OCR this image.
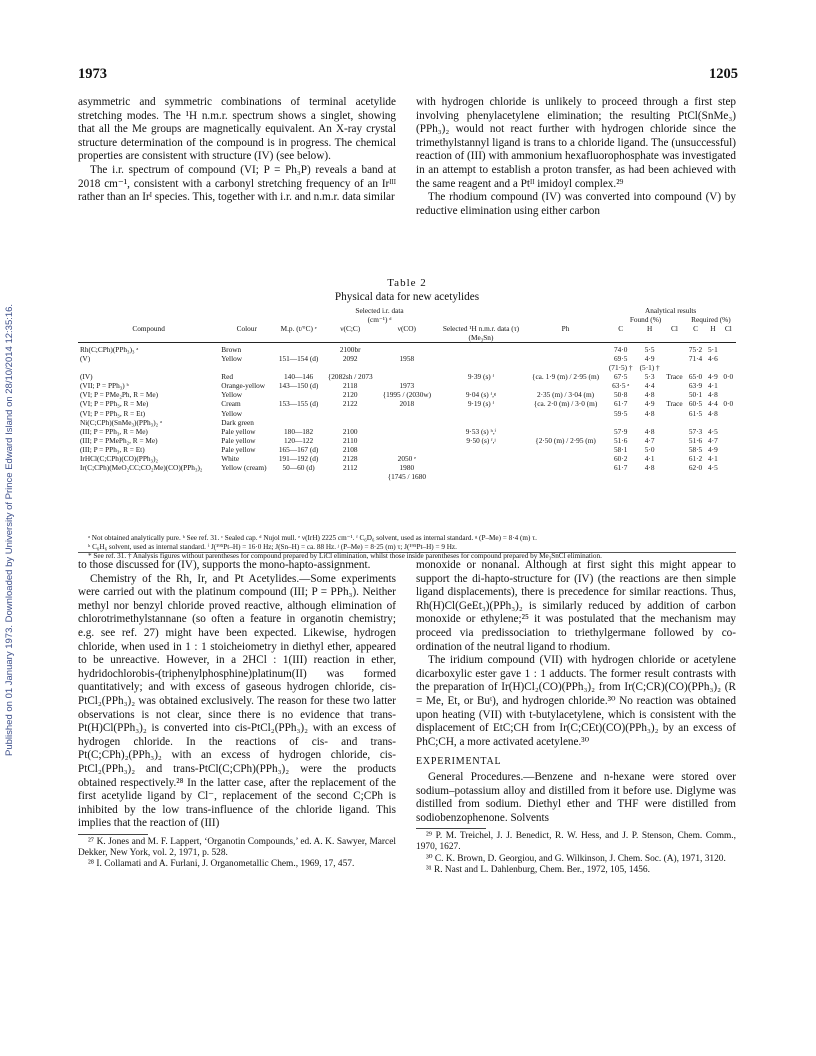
Published on 01 January 1973. Downloaded by University of Prince Edward Island on 28/10/2014 12:35:16.
1973	1205

asymmetric and symmetric combinations of terminal acetylide stretching modes. The ¹H n.m.r. spectrum shows a singlet, showing that all the Me groups are magnetically equivalent. An X-ray crystal structure determination of the compound is in progress. The chemical properties are consistent with structure (IV) (see below).

The i.r. spectrum of compound (VI; P = Ph₃P) reveals a band at 2018 cm⁻¹, consistent with a carbonyl stretching frequency of an Irᴵᴵᴵ rather than an Irᴵ species. This, together with i.r. and n.m.r. data similar

with hydrogen chloride is unlikely to proceed through a first step involving phenylacetylene elimination; the resulting PtCl(SnMe₃)(PPh₃)₂ would not react further with hydrogen chloride since the trimethylstannyl ligand is trans to a chloride ligand. The (unsuccessful) reaction of (III) with ammonium hexafluorophosphate was investigated in an attempt to establish a proton transfer, as had been achieved with the same reagent and a Ptᴵᴵ imidoyl complex.²⁹

The rhodium compound (IV) was converted into compound (V) by reductive elimination using either carbon

Table 2
Physical data for new acetylides
			Selected i.r. data				Analytical results					
			(cm⁻¹) ᵈ				Found (%)			Required (%)		
Compound	Colour	M.p. (t/°C) ᵉ	ν(C;C)	ν(CO)	Selected ¹H n.m.r. data (τ)	Ph	C	H	Cl	C	H	Cl
					(Me₃Sn)							

Rh(C;CPh)(PPh₃)₃ ᵃ	Brown		2100br				74·0	5·5		75·2	5·1	
(V)	Yellow	151—154 (d)	2092	1958			69·5	4·9		71·4	4·6	
							(71·5) †	(5·1) †				
(IV)	Red	140—146	{2082sh / 2073		9·39 (s) ᶠ	{ca. 1·9 (m) / 2·95 (m)	67·5	5·3	Trace	65·0	4·9	0·0
(VII; P = PPh₃) ᵇ	Orange-yellow	143—150 (d)	2118	1973			63·5 ᵃ	4·4		63·9	4·1	
(VI; P = PMe₂Ph, R = Me)	Yellow		2120	{1995 / (2030w)	9·04 (s) ᶠ,ᵍ	2·35 (m) / 3·04 (m)	50·8	4·8		50·1	4·8	
(VI; P = PPh₃, R = Me)	Cream	153—155 (d)	2122	2018	9·19 (s) ᶠ	{ca. 2·0 (m) / 3·0 (m)	61·7	4·9	Trace	60·5	4·4	0·0
(VI; P = PPh₃, R = Et)	Yellow						59·5	4·8		61·5	4·8	
Ni(C;CPh)(SnMe₃)(PPh₃)₂ ᵃ	Dark green											
(III; P = PPh₃, R = Me)	Pale yellow	180—182	2100		9·53 (s) ʰ,ⁱ		57·9	4·8		57·3	4·5	
(III; P = PMePh₂, R = Me)	Pale yellow	120—122	2110		9·50 (s) ᶠ,ʲ	{2·50 (m) / 2·95 (m)	51·6	4·7		51·6	4·7	
(III; P = PPh₃, R = Et)	Pale yellow	165—167 (d)	2108				58·1	5·0		58·5	4·9	
IrHCl(C;CPh)(CO)(PPh₃)₂	White	191—192 (d)	2128	2050 ᵉ			60·2	4·1		61·2	4·1	
Ir(C;CPh)(MeO₂CC;CO₂Me)(CO)(PPh₃)₂	Yellow (cream)	50—60 (d)	2112	1980			61·7	4·8		62·0	4·5	
				{1745 / 1680								
ᵃ Not obtained analytically pure. ᵇ See ref. 31. ᶜ Sealed cap. ᵈ Nujol mull. ᵉ ν(IrH) 2225 cm⁻¹. ᶠ C₆D₆ solvent, used as internal standard. ᵍ (P–Me) = 8·4 (m) τ.
ʰ C₆H₆ solvent, used as internal standard. ⁱ J(¹⁹⁵Pt–H) = 16·0 Hz; J(Sn–H) = ca. 88 Hz. ʲ (P–Me) = 8·25 (m) τ; J(¹⁹⁵Pt–H) = 9 Hz.
* See ref. 31. † Analysis figures without parentheses for compound prepared by LiCl elimination, whilst those inside parentheses for compound prepared by Me₃SnCl elimination.

to those discussed for (IV), supports the mono-hapto-assignment.

Chemistry of the Rh, Ir, and Pt Acetylides.—Some experiments were carried out with the platinum compound (III; P = PPh₃). Neither methyl nor benzyl chloride proved reactive, although elimination of chlorotrimethylstannane (so often a feature in organotin chemistry; e.g. see ref. 27) might have been expected. Likewise, hydrogen chloride, when used in 1 : 1 stoicheiometry in diethyl ether, appeared to be unreactive. However, in a 2HCl : 1(III) reaction in ether, hydridochlorobis-(triphenylphosphine)platinum(II) was formed quantitatively; and with excess of gaseous hydrogen chloride, cis-PtCl₂(PPh₃)₂ was obtained exclusively. The reason for these two latter observations is not clear, since there is no evidence that trans-Pt(H)Cl(PPh₃)₂ is converted into cis-PtCl₂(PPh₃)₂ with an excess of hydrogen chloride. In the reactions of cis- and trans-Pt(C;CPh)₂(PPh₃)₂ with an excess of hydrogen chloride, cis-PtCl₂(PPh₃)₂ and trans-PtCl(C;CPh)(PPh₃)₂ were the products obtained respectively.²⁸ In the latter case, after the replacement of the first acetylide ligand by Cl⁻, replacement of the second C;CPh is inhibited by the low trans-influence of the chloride ligand. This implies that the reaction of (III)

²⁷ K. Jones and M. F. Lappert, ‘Organotin Compounds,’ ed. A. K. Sawyer, Marcel Dekker, New York, vol. 2, 1971, p. 528.

²⁸ I. Collamati and A. Furlani, J. Organometallic Chem., 1969, 17, 457.

monoxide or nonanal. Although at first sight this might appear to support the di-hapto-structure for (IV) (the reactions are then simple ligand displacements), there is precedence for similar reactions. Thus, Rh(H)Cl(GeEt₃)(PPh₃)₂ is similarly reduced by addition of carbon monoxide or ethylene;²⁵ it was postulated that the mechanism may proceed via predissociation to triethylgermane followed by co-ordination of the neutral ligand to rhodium.

The iridium compound (VII) with hydrogen chloride or acetylene dicarboxylic ester gave 1 : 1 adducts. The former result contrasts with the preparation of Ir(H)Cl₂(CO)(PPh₃)₂ from Ir(C;CR)(CO)(PPh₃)₂ (R = Me, Et, or Buᵗ), and hydrogen chloride.³⁰ No reaction was obtained upon heating (VII) with t-butylacetylene, which is consistent with the displacement of EtC;CH from Ir(C;CEt)(CO)(PPh₃)₂ by an excess of PhC;CH, a more activated acetylene.³⁰

EXPERIMENTAL

General Procedures.—Benzene and n-hexane were stored over sodium–potassium alloy and distilled from it before use. Diglyme was distilled from sodium. Diethyl ether and THF were distilled from sodiobenzophenone. Solvents

²⁹ P. M. Treichel, J. J. Benedict, R. W. Hess, and J. P. Stenson, Chem. Comm., 1970, 1627.

³⁰ C. K. Brown, D. Georgiou, and G. Wilkinson, J. Chem. Soc. (A), 1971, 3120.

³¹ R. Nast and L. Dahlenburg, Chem. Ber., 1972, 105, 1456.
